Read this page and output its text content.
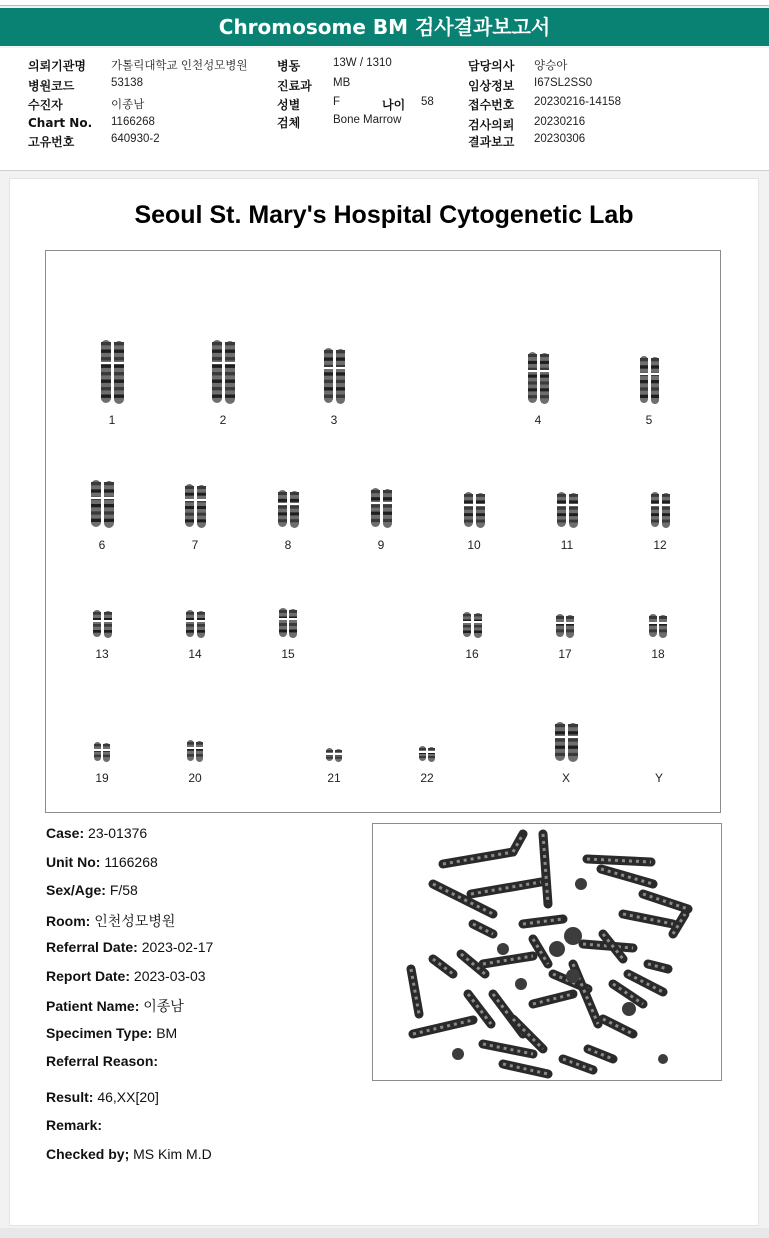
Chromosome BM 검사결과보고서
의뢰기관명 가톨릭대학교 인천성모병원
병원코드	53138
수진자	이종남
Chart No. 1166268
고유번호	640930-2
병동	13W / 1310
진료과 MB
성별	F	나이 58
검체	Bone Marrow
담당의사 양승아
임상정보 I67SL2SS0
접수번호 20230216-14158
검사의뢰 20230216
결과보고 20230306
Seoul St. Mary's Hospital Cytogenetic Lab
1	2	3	4	5
6	7	8	9	10	11	12
13	14	15	16	17	18
19	20	21	22	X	Y
Case: 23-01376
Unit No: 1166268
Sex/Age: F/58
Room: 인천성모병원
Referral Date: 2023-02-17
Report Date: 2023-03-03
Patient Name: 이종남
Specimen Type: BM
Referral Reason:
Result: 46,XX[20]
Remark:
Checked by; MS Kim M.D
